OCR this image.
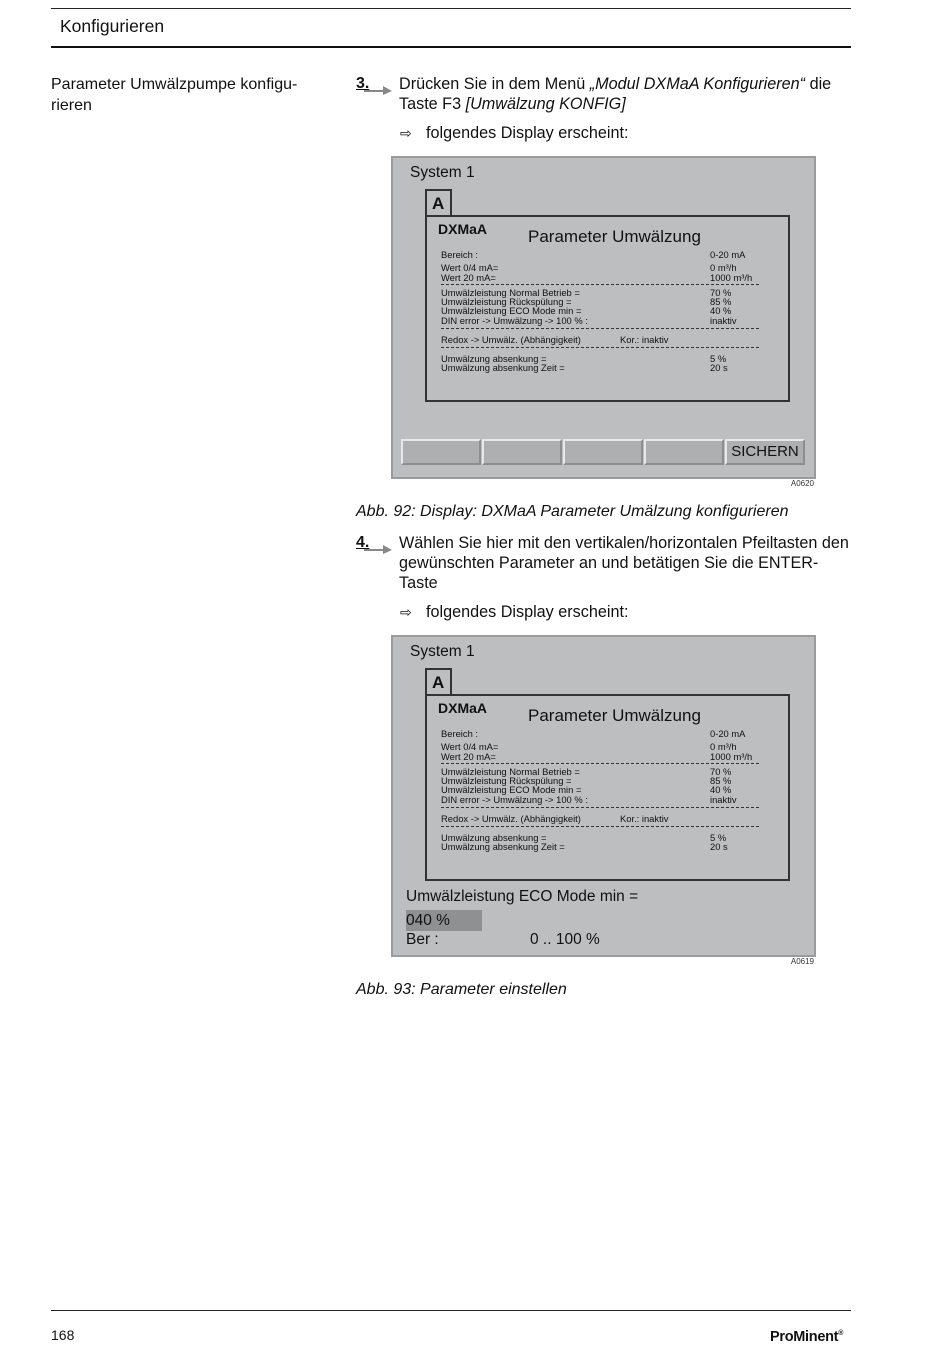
Konfigurieren
Parameter Umwälzpumpe konfigu-
rieren
3. Drücken Sie in dem Menü „Modul DXMaA Konfigurieren“ die Taste F3 [Umwälzung KONFIG]
⇨ folgendes Display erscheint:
System 1
A
DXMaA Parameter Umwälzung
Bereich :	0-20 mA
Wert 0/4 mA=	0 m³/h
Wert 20 mA=	1000 m³/h
Umwälzleistung Normal Betrieb =	70 %
Umwälzleistung Rückspülung =	85 %
Umwälzleistung ECO Mode min =	40 %
DIN error -> Umwälzung -> 100 % :	inaktiv
Redox -> Umwälz. (Abhängigkeit)	Kor.: inaktiv
Umwälzung absenkung =	5 %
Umwälzung absenkung Zeit =	20 s
SICHERN
A0620
Abb. 92: Display: DXMaA Parameter Umälzung konfigurieren
4. Wählen Sie hier mit den vertikalen/horizontalen Pfeiltasten den gewünschten Parameter an und betätigen Sie die ENTER-Taste
⇨ folgendes Display erscheint:
System 1
A
DXMaA Parameter Umwälzung
Bereich :	0-20 mA
Wert 0/4 mA=	0 m³/h
Wert 20 mA=	1000 m³/h
Umwälzleistung Normal Betrieb =	70 %
Umwälzleistung Rückspülung =	85 %
Umwälzleistung ECO Mode min =	40 %
DIN error -> Umwälzung -> 100 % :	inaktiv
Redox -> Umwälz. (Abhängigkeit)	Kor.: inaktiv
Umwälzung absenkung =	5 %
Umwälzung absenkung Zeit =	20 s
Umwälzleistung ECO Mode min =
040 %
Ber :	0 .. 100 %
A0619
Abb. 93: Parameter einstellen
168	ProMinent®
